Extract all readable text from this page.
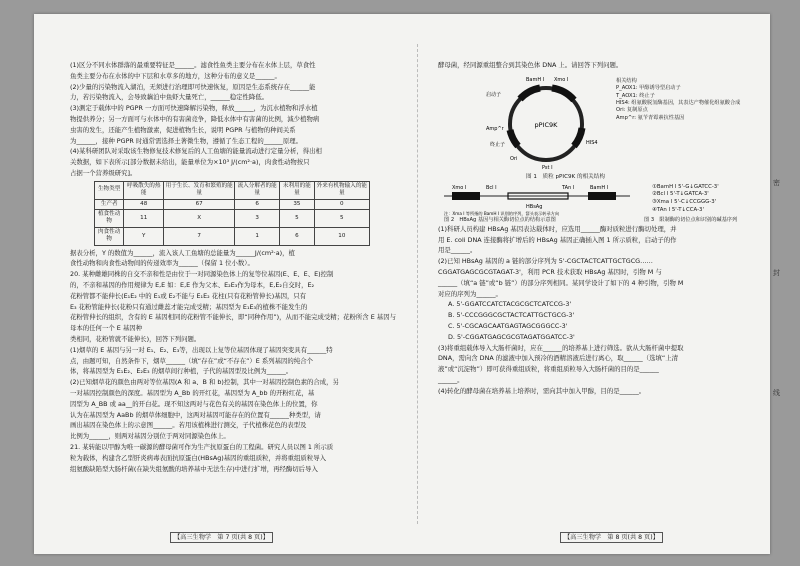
(1)区分不同水体群落的最重要特征是______。滤食性鱼类主要分布在水体上层，草食性

鱼类主要分布在水体的中下层和水草多的地方，这种分布的意义是______。

(2)少量的污染物流入湖泊，无须进行治理即可快速恢复，原因是生态系统存在______能

力，若污染物流入，会导致藕泊中鱼虾大量死亡，______稳定性降低。

(3)测定于载体中的 PGPR 一方面可快速降解污染物，释放______，为沉水植物和浮水植

物提供养分；另一方面可与水体中的有害菌竞争，降低水体中有害菌的比例，減少植物病

虫害的发生，还能产生植物激素，促进植物生长，说明 PGPR 与植物的种间关系

为______，接种 PGPR 时通常需选择土著微生物，遵循了生态工程的______原理。

(4)某科研团队对采取该生物修复技术修复后的人工鱼塘的能量流动进行定量分析，得出相

关数据，如下表所示[部分数据未给出，能量单位为×10³ J/(cm²·a)，肉食性动物按只

占据一个营养级研究]。

生物类型	呼吸散失的热能	用于生长、发育和繁殖的能量	流入分解者的能量	未利用的能量	外来有机物输入的能量
生产者	48	67	6	35	0
植食性动物	11	X	3	5	5
肉食性动物	Y	7	1	6	10

据表分析，Y 的数值为______，流入该人工鱼塘的总能量为______J/(cm²·a)，植

食性动物和肉食性动物间的传递效率为______（保留 1 位小数）。

20. 某种雌雄同株的自交不亲和性是由位于一对同源染色体上的复等位基因(E、E、E、E)控制

的，不亲和基因的作用规律为 E,E 如：E,E 作为父本、E₂E₃作为母本，E,E₂自交时，E₂

花粉管都不能伸长(E₁E₂ 中的 E₁或 E₂不能与 E₁E₂ 花柱(只有花粉管伸长)基因，只有

E₃ 花粉管能伸长(花粉只有通过雌蕊才能完成受精；基因型为 E₁E₃的植株不能发生的

花粉管伸长的组织，含有的 E 基因相同的花粉管不能伸长，即“同种作用”)，从而不能完成受精；花粉所含 E 基因与母本的任何一个 E 基因种

类相同，花粉管就不能伸长)，回答下列问题。

(1)烟草的 E 基因与另一对 E₁、E₂、E₃等，出现以上复等位基因体现了基因突变具有______特

点，由题可知，自然条件下，烟草______（填“存在”或“不存在”）E 系列基因的纯合个

体，将基因型为 E₁E₂、E₂E₃ 的烟草间行种植，子代的基因型及比例为______。

(2)已知烟草花的颜色由两对等位基因(A 和 a、B 和 b)控制，其中一对基因控制色素的合成，另

一对基因控制颜色的深度。基因型为 A_Bb 的开红花，基因型为 A_bb 的开粉红花，基

因型为 A_BB 或 aa__的开白花。现不知这两对与花色有关的基因在染色体上的位置，你

认为在基因型为 AaBb 的烟草体细胞中，这两对基因可能存在的位置有______种类型，请

画出基因在染色体上的示意图______。若用该植株进行测交，子代植株花色的表型及

比例为______，则两对基因分别位于两对同源染色体上。

21. 某转能以甲醇为唯一碳源的酵母菌可作为生产抗原蛋白的工程菌。研究人员以图 1 所示质

粒为载体，构建含乙型肝炎病毒表面抗原蛋白(HBsAg)基因的重组质粒，并将重组质粒导入

组氨酸缺陷型大肠杆菌(在缺失组氨酸的培养基中无法生存)中进行扩增，再经酶切后导入

酵母菌，经同源重组整合到其染色体 DNA 上。请回答下列问题。

pPIC9K
BamH I Xmo I
启动子
Amp^r
终止子
Ori
Pst I
HIS4
相关结构
P_AOX1: 甲醇诱导型启动子
T_AOX1: 终止子
HIS4: 组氨酸脱氢酶基因，其表达产物催化组氨酸合成
Ori: 复制原点
Amp^r: 氨苄青霉素抗性基因
图 1　质粒 pPIC9K 的相关结构
Xmo I	Bcl I	TAn I	BamH I
HBsAg
注：Xma I 等所指的 BamH I 识别的序列，箭头表示转录方向
①BamH I 5'-G↓GATCC-3'
②Bcl I 5'-T↓GATCA-3'
③Xma I 5'-C↓CCGGG-3'
④TAn I 5'-T↓CCA-3'
图 2　HBsAg 基因与相关酶切位点的结构示意图	图 3　限制酶的切位点和识别的碱基序列

(1)科研人员构建 HBsAg 基因表达载体时，应选用______酶对质粒进行酶切处理，并

用 E. coli DNA 连接酶将扩增后的 HBsAg 基因正确插入图 1 所示质粒，启动子的作

用是______。

(2)已知 HBsAg 基因的 a 链的部分序列为 5'-CGCTACTCATTGCTGCG……

CGGATGAGCGCGTAGAT-3'，利用 PCR 技术获取 HBsAg 基因时，引物 M 与

______（填“a 链”或“b 链”）的部分序列相同。某同学设计了如下的 4 种引物，引物 M

对应的序列为______。

A. 5'-GGATCCATCTACGCGCTCATCCG-3'

B. 5'-CCCGGGCGCTACTCATTGCTGCG-3'

C. 5'-CGCAGCAATGAGTAGCGGGCC-3'

D. 5'-CGGATGAGCGCGTAGATGGATCC-3'

(3)将重组载体导入大肠杆菌时，应在______的培养基上进行筛选。欲从大肠杆菌中提取

DNA，需向含 DNA 的滤液中加入预冷的酒精溶液后进行离心，取______（选填“上清

液”或“沉淀物”）即可获得重组质粒，将重组质粒导入大肠杆菌的目的是______

______。

(4)转化的酵母菌在培养基上培养时，需向其中加入甲醇，目的是______。

【高三生物学　第 7 页(共 8 页)】	【高三生物学　第 8 页(共 8 页)】
密
封
线
